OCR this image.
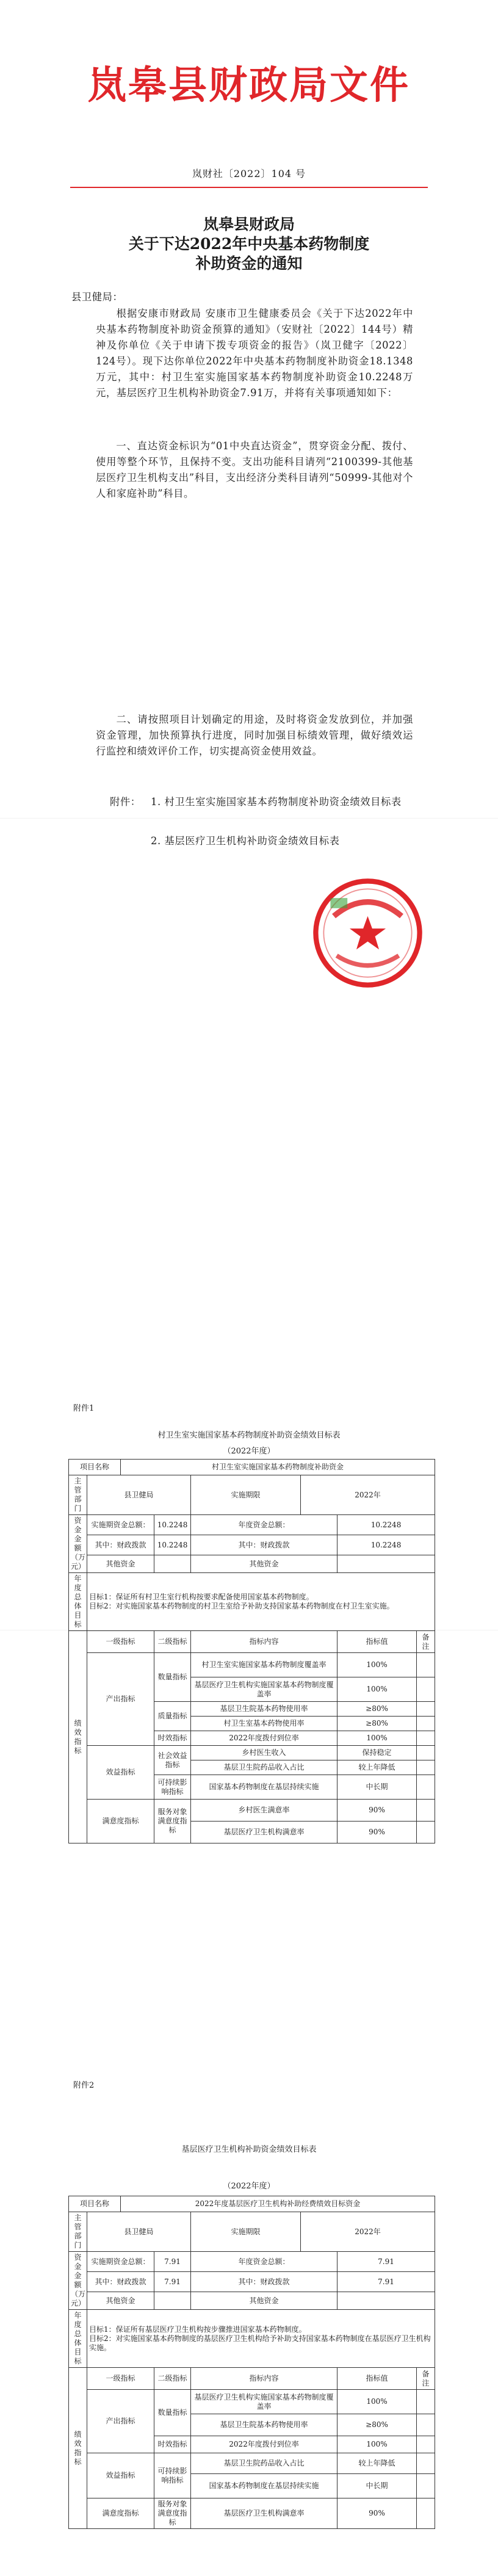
岚皋县财政局文件
岚财社〔2022〕104 号
岚皋县财政局
关于下达2022年中央基本药物制度
补助资金的通知
县卫健局：
根据安康市财政局 安康市卫生健康委员会《关于下达2022年中央基本药物制度补助资金预算的通知》（安财社〔2022〕144号）精神及你单位《关于申请下拨专项资金的报告》（岚卫健字〔2022〕124号）。现下达你单位2022年中央基本药物制度补助资金18.1348万元，其中：村卫生室实施国家基本药物制度补助资金10.2248万元，基层医疗卫生机构补助资金7.91万，并将有关事项通知如下：
一、直达资金标识为“01中央直达资金”，贯穿资金分配、拨付、使用等整个环节，且保持不变。支出功能科目请列“2100399-其他基层医疗卫生机构支出”科目，支出经济分类科目请列“50999-其他对个人和家庭补助”科目。
二、请按照项目计划确定的用途，及时将资金发放到位，并加强资金管理，加快预算执行进度，同时加强目标绩效管理，做好绩效运行监控和绩效评价工作，切实提高资金使用效益。
附件： 1. 村卫生室实施国家基本药物制度补助资金绩效目标表
2. 基层医疗卫生机构补助资金绩效目标表
附件1
村卫生室实施国家基本药物制度补助资金绩效目标表
（2022年度）
项目名称		村卫生室实施国家基本药物制度补助资金					
主管部门	县卫健局			实施期限	2022年		
资金金额（万元）	实施期资金总额：		10.2248	年度资金总额：		10.2248	
	其中：财政拨款		10.2248	其中：财政拨款		10.2248	
	其他资金			其他资金			
年度总体目标	目标1：保证所有村卫生室行机构按要求配备使用国家基本药物制度。
目标2：对实施国家基本药物制度的村卫生室给予补助支持国家基本药物制度在村卫生室实施。						

绩效指标	一级指标		二级指标	指标内容		指标值	备注
	产出指标		数量指标	村卫生室实施国家基本药物制度覆盖率		100%	
				基层医疗卫生机构实施国家基本药物制度覆盖率		100%	
			质量指标	基层卫生院基本药物使用率		≥80%	
				村卫生室基本药物使用率		≥80%	
			时效指标	2022年度拨付到位率		100%	
	效益指标		社会效益指标	乡村医生收入		保持稳定	
				基层卫生院药品收入占比		较上年降低	
			可持续影响指标	国家基本药物制度在基层持续实施		中长期	
	满意度指标		服务对象满意度指标	乡村医生满意率		90%	
				基层医疗卫生机构满意率		90%	
附件2
基层医疗卫生机构补助资金绩效目标表
（2022年度）
项目名称		2022年度基层医疗卫生机构补助经费绩效目标资金					
主管部门	县卫健局			实施期限	2022年		
资金金额（万元）	实施期资金总额：		7.91	年度资金总额：		7.91	
	其中：财政拨款		7.91	其中：财政拨款		7.91	
	其他资金			其他资金			
年度总体目标	目标1：保证所有基层医疗卫生机构按步骤推进国家基本药物制度。
目标2：对实施国家基本药物制度的基层医疗卫生机构给予补助支持国家基本药物制度在基层医疗卫生机构实施。						

绩效指标	一级指标		二级指标	指标内容		指标值	备注
	产出指标		数量指标	基层医疗卫生机构实施国家基本药物制度覆盖率		100%	
				基层卫生院基本药物使用率		≥80%	
			时效指标	2022年度拨付到位率		100%	
	效益指标		可持续影响指标	基层卫生院药品收入占比		较上年降低	
				国家基本药物制度在基层持续实施		中长期	
	满意度指标		服务对象满意度指标	基层医疗卫生机构满意率		90%	
